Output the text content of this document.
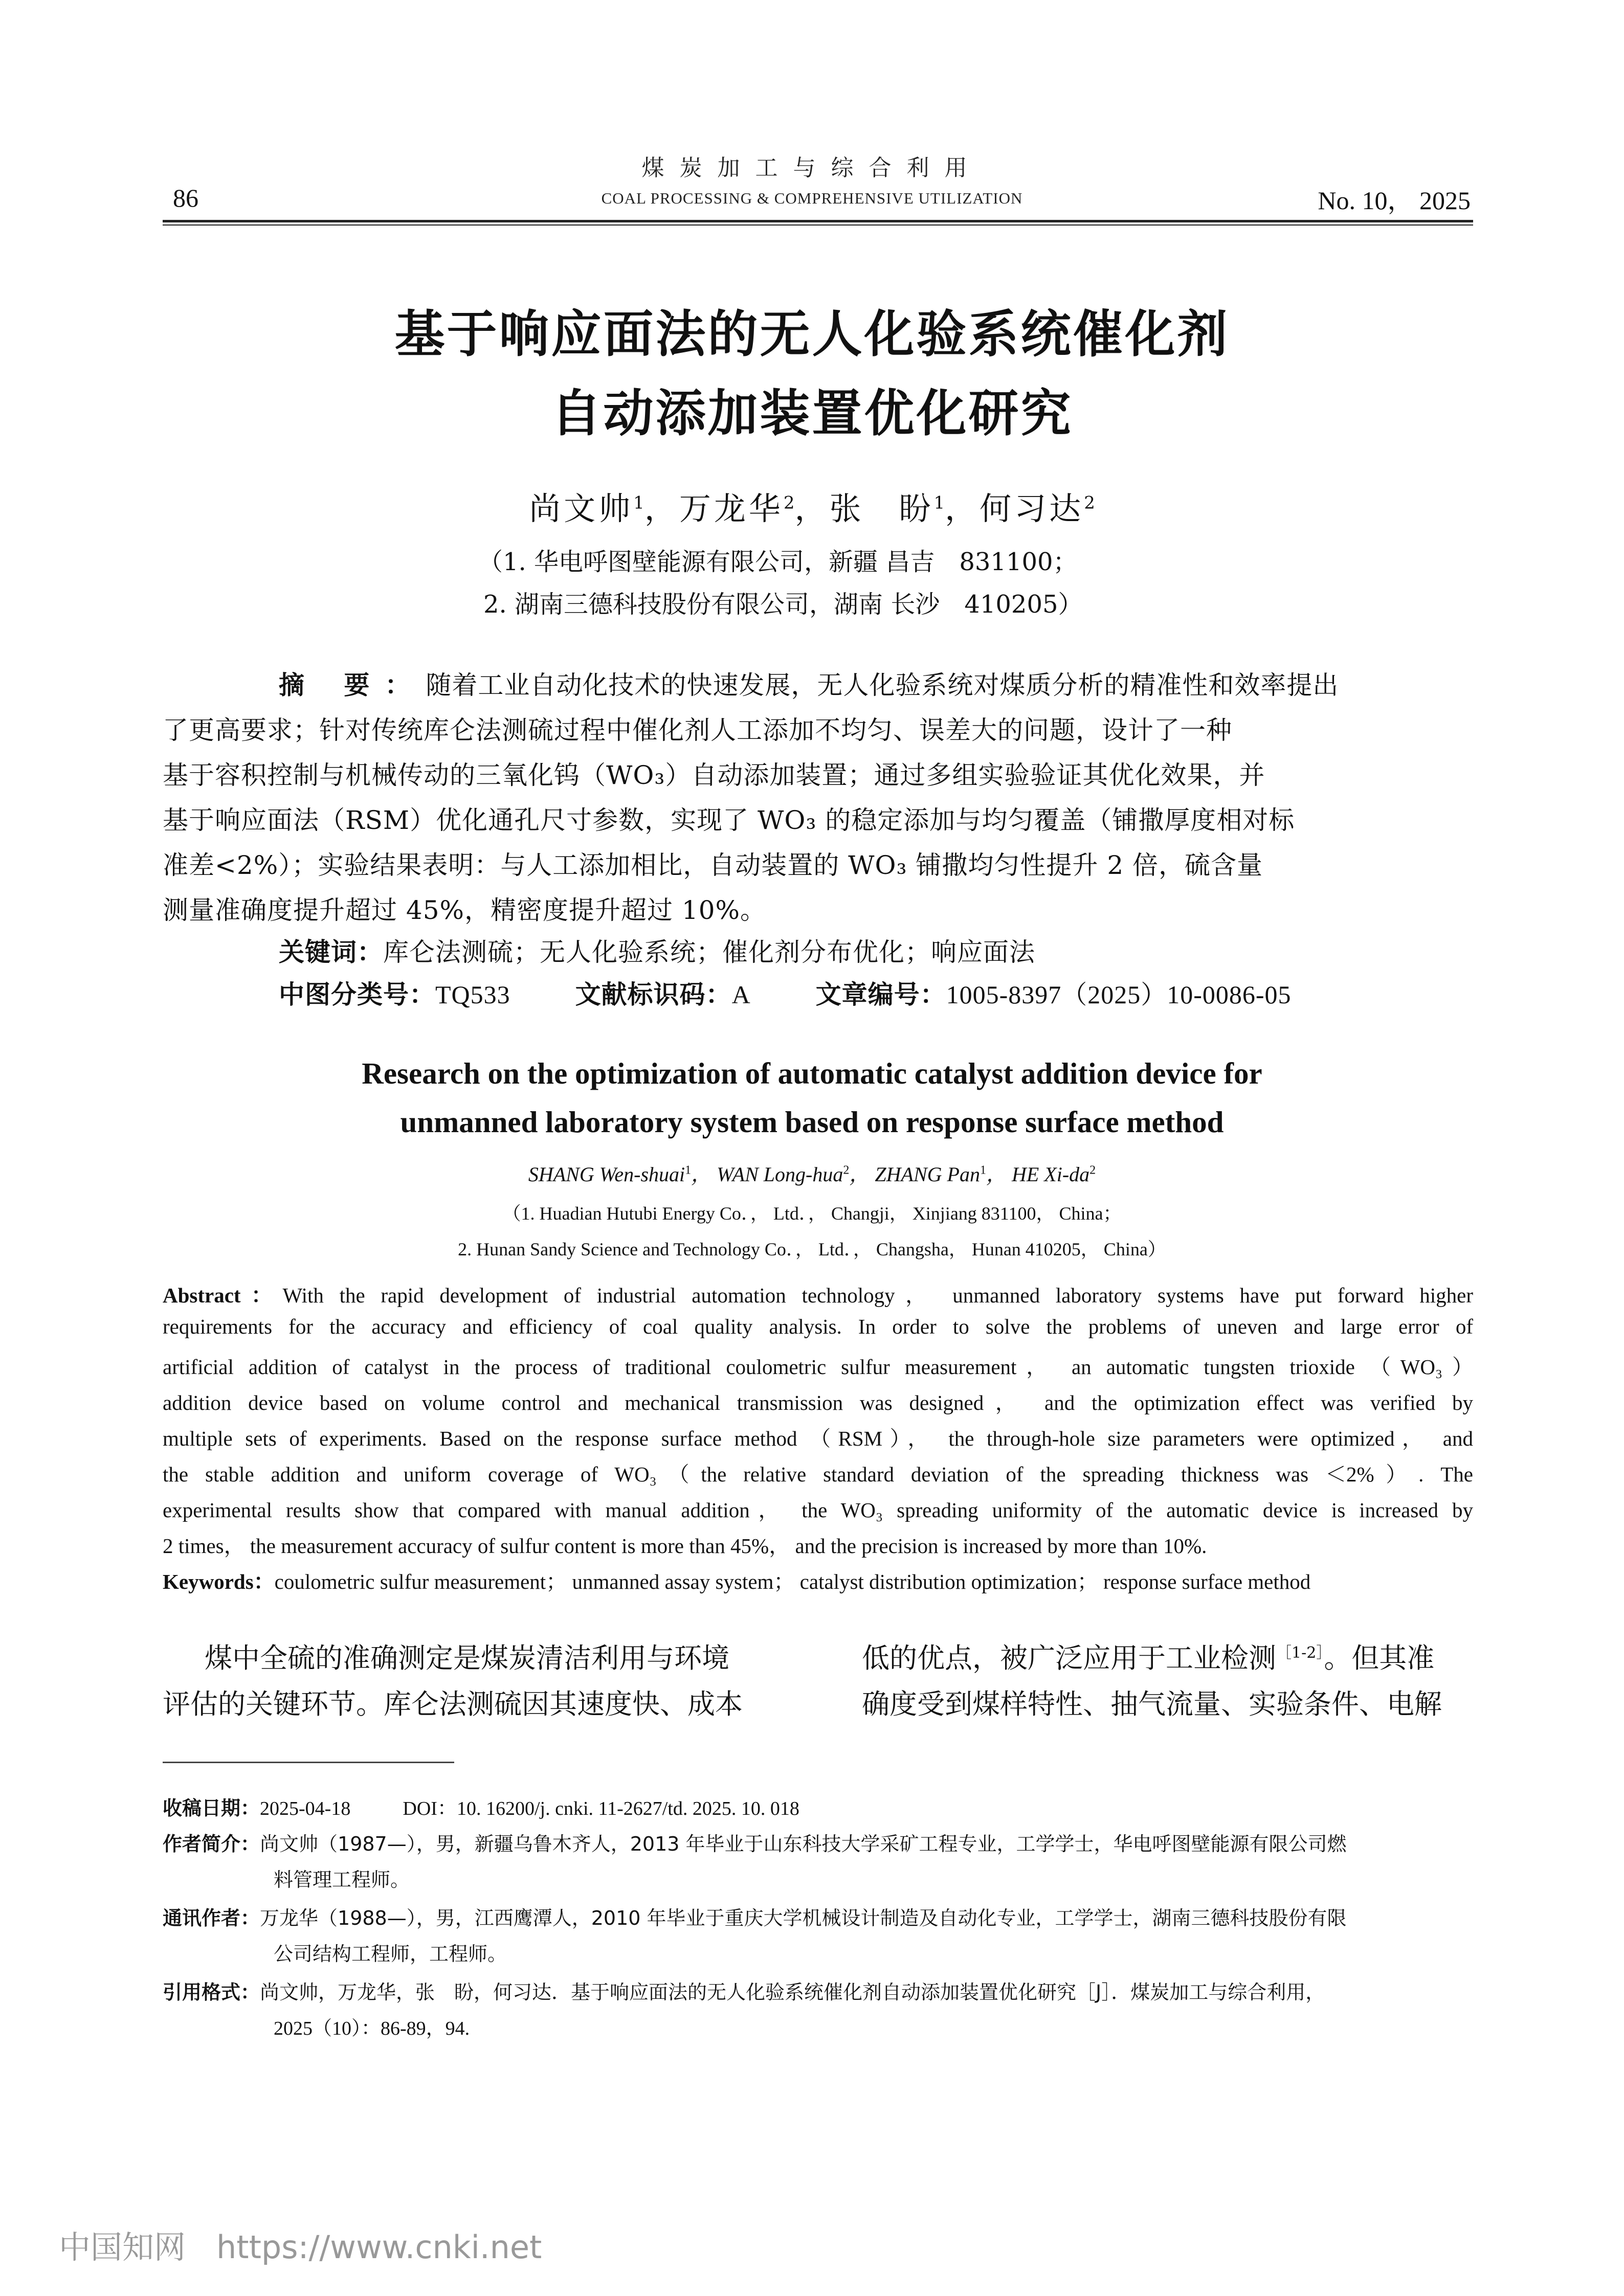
煤炭加工与综合利用
COAL PROCESSING & COMPREHENSIVE UTILIZATION
86	No. 10， 2025
基于响应面法的无人化验系统催化剂
自动添加装置优化研究
尚文帅$^1$，万龙华$^2$，张　盼$^1$，何习达$^2$
（1. 华电呼图壁能源有限公司，新疆 昌吉　831100；
2. 湖南三德科技股份有限公司，湖南 长沙　410205）
摘 要：随着工业自动化技术的快速发展，无人化验系统对煤质分析的精准性和效率提出
了更高要求；针对传统库仑法测硫过程中催化剂人工添加不均匀、误差大的问题，设计了一种
基于容积控制与机械传动的三氧化钨（WO₃）自动添加装置；通过多组实验验证其优化效果，并
基于响应面法（RSM）优化通孔尺寸参数，实现了 WO₃ 的稳定添加与均匀覆盖（铺撒厚度相对标
准差<2%）；实验结果表明：与人工添加相比，自动装置的 WO₃ 铺撒均匀性提升 2 倍，硫含量
测量准确度提升超过 45%，精密度提升超过 10%。
关键词：库仑法测硫；无人化验系统；催化剂分布优化；响应面法
中图分类号：TQ533	文献标识码：A	文章编号：1005-8397（2025）10-0086-05
Research on the optimization of automatic catalyst addition device for
unmanned laboratory system based on response surface method
SHANG Wen-shuai$^1$， WAN Long-hua$^2$， ZHANG Pan$^1$， HE $Xi-da^2$
（1. Huadian Hutubi Energy Co．， Ltd．， Changji， Xinjiang 831100， China；
2. Hunan Sandy Science and Technology Co．， Ltd．， Changsha， Hunan 410205， China）
Abstract：With the rapid development of industrial automation technology， unmanned laboratory systems have put forward higher
requirements for the accuracy and efficiency of coal quality analysis. In order to solve the problems of uneven and large error of
artificial addition of catalyst in the process of traditional coulometric sulfur measurement， an automatic tungsten trioxide （WO₃）
addition device based on volume control and mechanical transmission was designed， and the optimization effect was verified by
multiple sets of experiments. Based on the response surface method （RSM）， the through-hole size parameters were optimized， and
the stable addition and uniform coverage of WO₃（the relative standard deviation of the spreading thickness was ＜2%）. The
experimental results show that compared with manual addition， the WO₃ spreading uniformity of the automatic device is increased by
2 times， the measurement accuracy of sulfur content is more than 45%， and the precision is increased by more than 10%.
Keywords：coulometric sulfur measurement； unmanned assay system； catalyst distribution optimization； response surface method
煤中全硫的准确测定是煤炭清洁利用与环境
评估的关键环节。库仑法测硫因其速度快、成本
低的优点，被广泛应用于工业检测$^{[1-2]}$。但其准
确度受到煤样特性、抽气流量、实验条件、电解
收稿日期：2025-04-18	DOI：10. 16200/j. cnki. 11-2627/td. 2025. 10. 018
作者简介：尚文帅（1987—），男，新疆乌鲁木齐人，2013 年毕业于山东科技大学采矿工程专业，工学学士，华电呼图壁能源有限公司燃
料管理工程师。
通讯作者：万龙华（1988—），男，江西鹰潭人，2010 年毕业于重庆大学机械设计制造及自动化专业，工学学士，湖南三德科技股份有限
公司结构工程师，工程师。
引用格式：尚文帅，万龙华，张　盼，何习达．基于响应面法的无人化验系统催化剂自动添加装置优化研究［J］．煤炭加工与综合利用，
2025（10）：86-89，94.
中国知网 https://www.cnki.net
